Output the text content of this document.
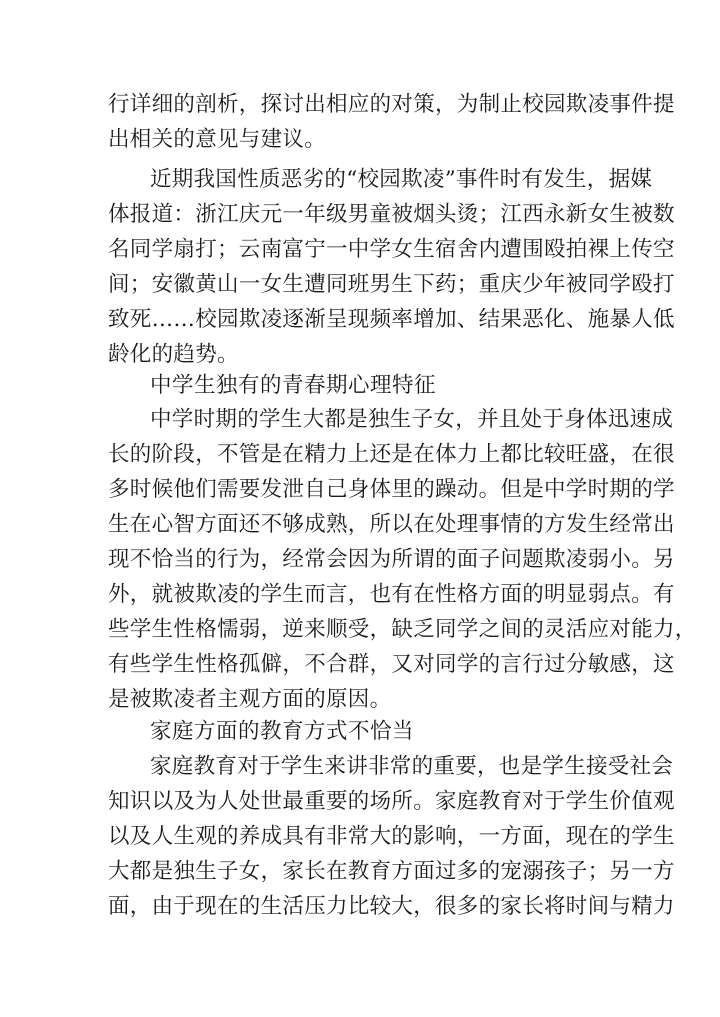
行详细的剖析，探讨出相应的对策，为制止校园欺凌事件提
出相关的意见与建议。
近期我国性质恶劣的“校园欺凌”事件时有发生，据媒
体报道：浙江庆元一年级男童被烟头烫；江西永新女生被数
名同学扇打；云南富宁一中学女生宿舍内遭围殴拍裸上传空
间；安徽黄山一女生遭同班男生下药；重庆少年被同学殴打
致死……校园欺凌逐渐呈现频率增加、结果恶化、施暴人低
龄化的趋势。
中学生独有的青春期心理特征
中学时期的学生大都是独生子女，并且处于身体迅速成
长的阶段，不管是在精力上还是在体力上都比较旺盛，在很
多时候他们需要发泄自己身体里的躁动。但是中学时期的学
生在心智方面还不够成熟，所以在处理事情的方发生经常出
现不恰当的行为，经常会因为所谓的面子问题欺凌弱小。另
外，就被欺凌的学生而言，也有在性格方面的明显弱点。有
些学生性格懦弱，逆来顺受，缺乏同学之间的灵活应对能力，
有些学生性格孤僻，不合群，又对同学的言行过分敏感，这
是被欺凌者主观方面的原因。
家庭方面的教育方式不恰当
家庭教育对于学生来讲非常的重要，也是学生接受社会
知识以及为人处世最重要的场所。家庭教育对于学生价值观
以及人生观的养成具有非常大的影响，一方面，现在的学生
大都是独生子女，家长在教育方面过多的宠溺孩子；另一方
面，由于现在的生活压力比较大，很多的家长将时间与精力
